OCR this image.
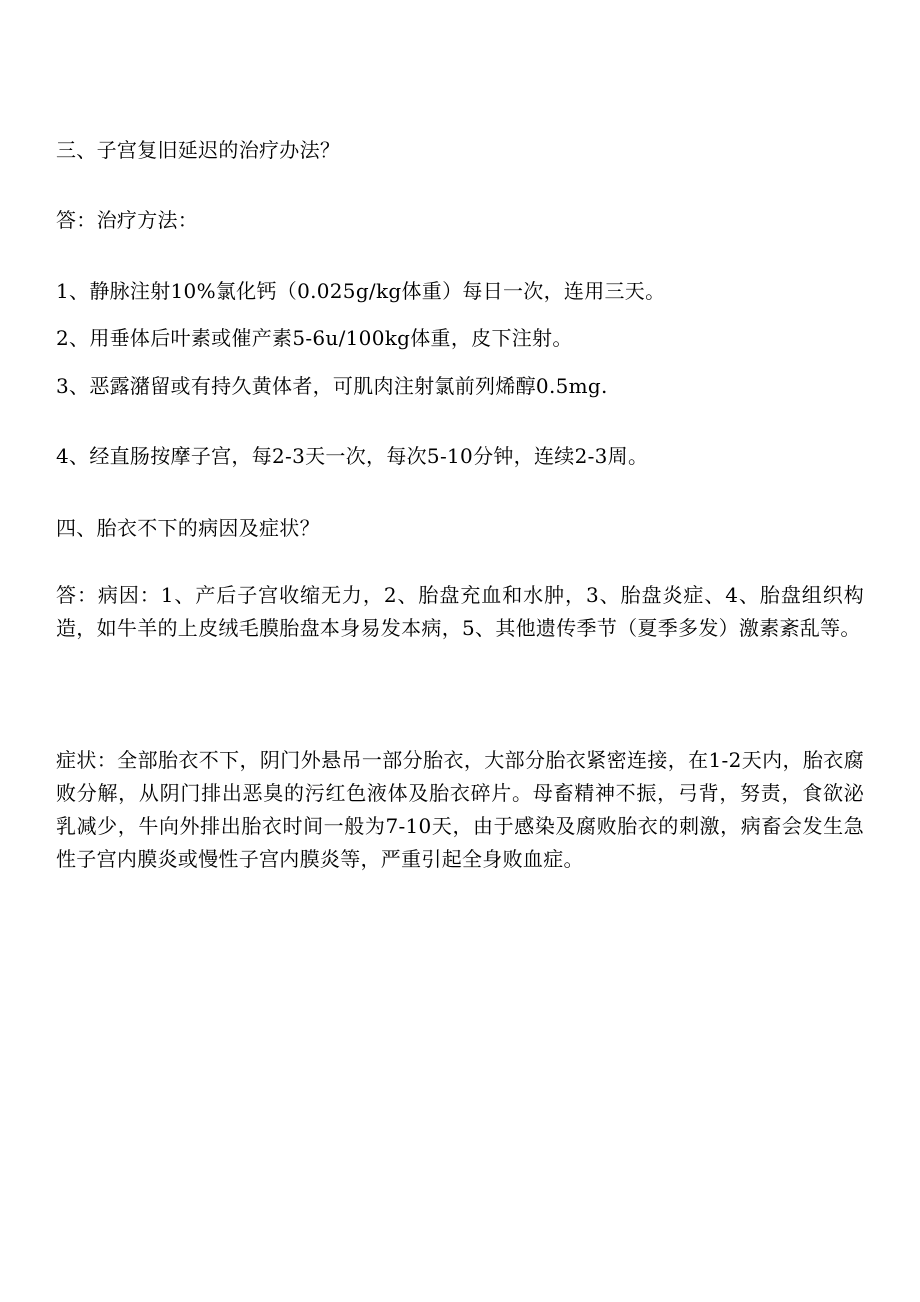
三、子宫复旧延迟的治疗办法？
答：治疗方法：
1、静脉注射10%氯化钙（0.025g/kg体重）每日一次，连用三天。
2、用垂体后叶素或催产素5-6u/100kg体重，皮下注射。
3、恶露潴留或有持久黄体者，可肌肉注射氯前列烯醇0.5mg.
4、经直肠按摩子宫，每2-3天一次，每次5-10分钟，连续2-3周。
四、胎衣不下的病因及症状？
答：病因：1、产后子宫收缩无力，2、胎盘充血和水肿，3、胎盘炎症、4、胎盘组织构造，如牛羊的上皮绒毛膜胎盘本身易发本病，5、其他遗传季节（夏季多发）激素紊乱等。
症状：全部胎衣不下，阴门外悬吊一部分胎衣，大部分胎衣紧密连接，在1-2天内，胎衣腐败分解，从阴门排出恶臭的污红色液体及胎衣碎片。母畜精神不振，弓背，努责，食欲泌乳减少，牛向外排出胎衣时间一般为7-10天，由于感染及腐败胎衣的刺激，病畜会发生急性子宫内膜炎或慢性子宫内膜炎等，严重引起全身败血症。
